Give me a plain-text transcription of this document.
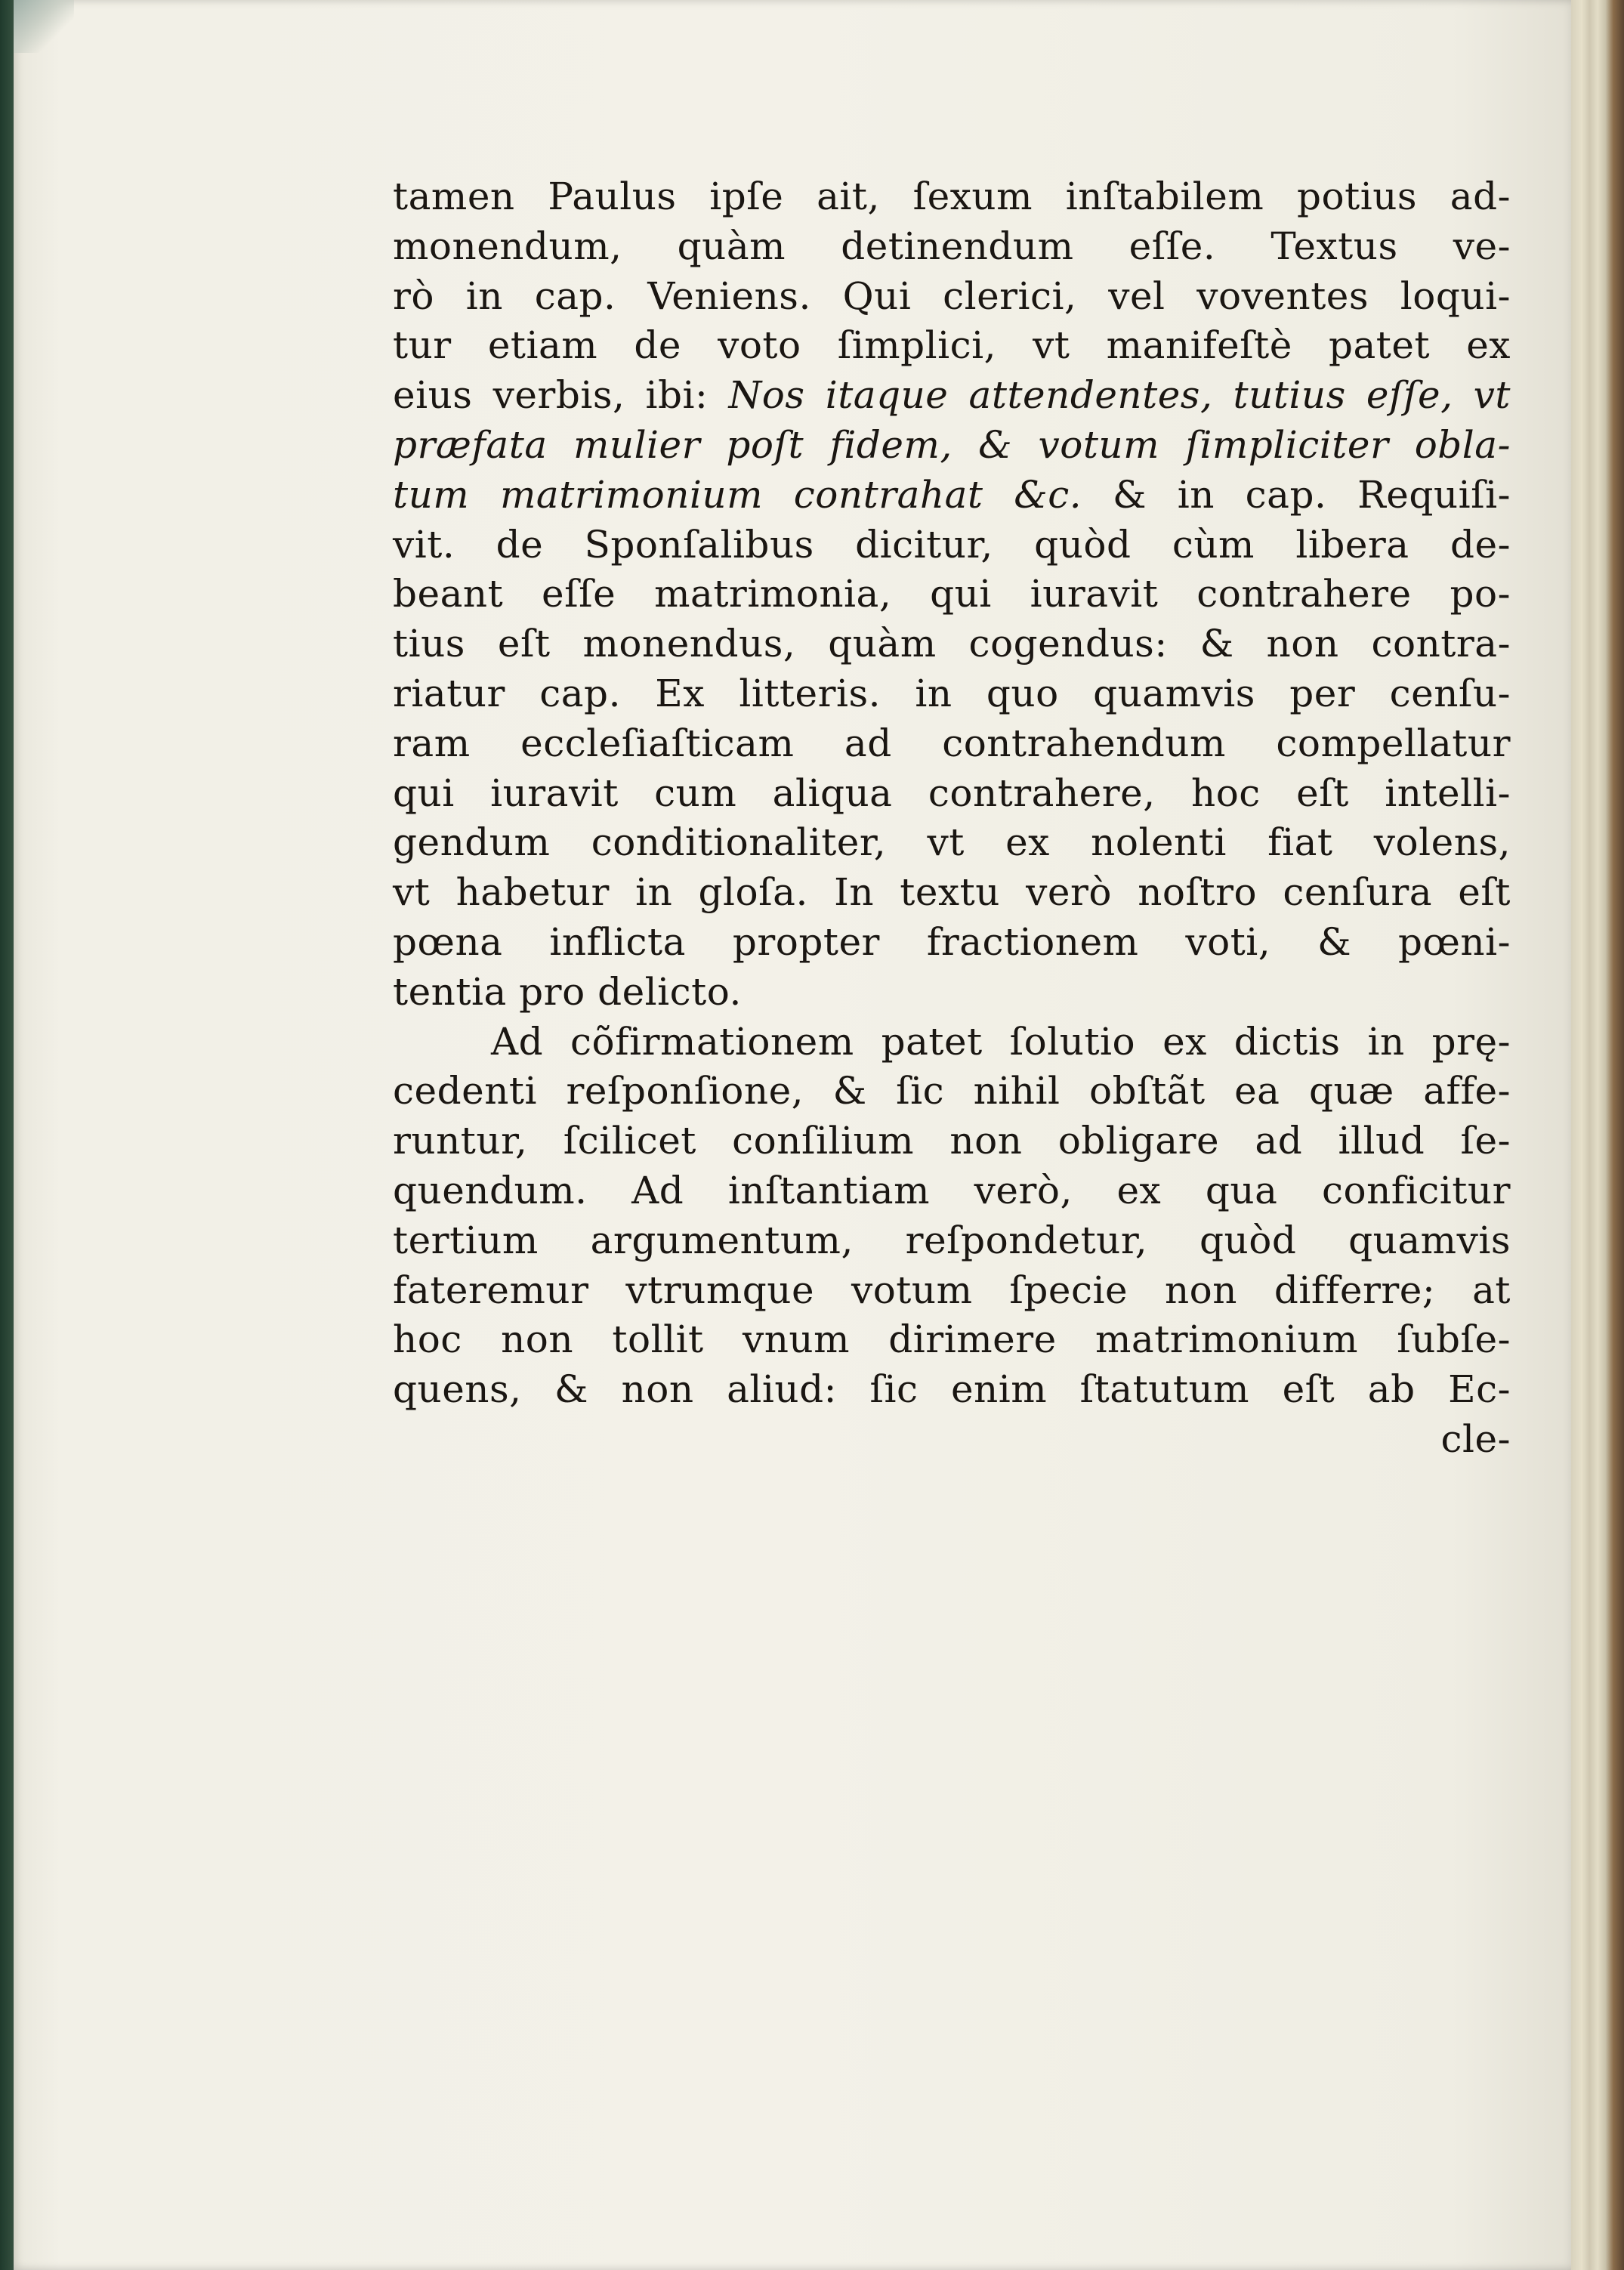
tamen Paulus ipſe ait, ſexum inſtabilem potius ad-
monendum, quàm detinendum eſſe. Textus ve-
rò in cap. Veniens. Qui clerici, vel voventes loqui-
tur etiam de voto ſimplici, vt manifeſtè patet ex
eius verbis, ibi: Nos itaque attendentes, tutius eſſe, vt
præfata mulier poſt fidem, & votum ſimpliciter obla-
tum matrimonium contrahat &c. & in cap. Requiſi-
vit. de Sponſalibus dicitur, quòd cùm libera de-
beant eſſe matrimonia, qui iuravit contrahere po-
tius eſt monendus, quàm cogendus: & non contra-
riatur cap. Ex litteris. in quo quamvis per cenſu-
ram eccleſiaſticam ad contrahendum compellatur
qui iuravit cum aliqua contrahere, hoc eſt intelli-
gendum conditionaliter, vt ex nolenti fiat volens,
vt habetur in gloſa. In textu verò noſtro cenſura eſt
pœna inflicta propter fractionem voti, & pœni-
tentia pro delicto.
Ad cõfirmationem patet ſolutio ex dictis in prę-
cedenti reſponſione, & ſic nihil obſtãt ea quæ affe-
runtur, ſcilicet conſilium non obligare ad illud ſe-
quendum. Ad inſtantiam verò, ex qua conficitur
tertium argumentum, reſpondetur, quòd quamvis
fateremur vtrumque votum ſpecie non differre; at
hoc non tollit vnum dirimere matrimonium ſubſe-
quens, & non aliud: ſic enim ſtatutum eſt ab Ec-
cle-
